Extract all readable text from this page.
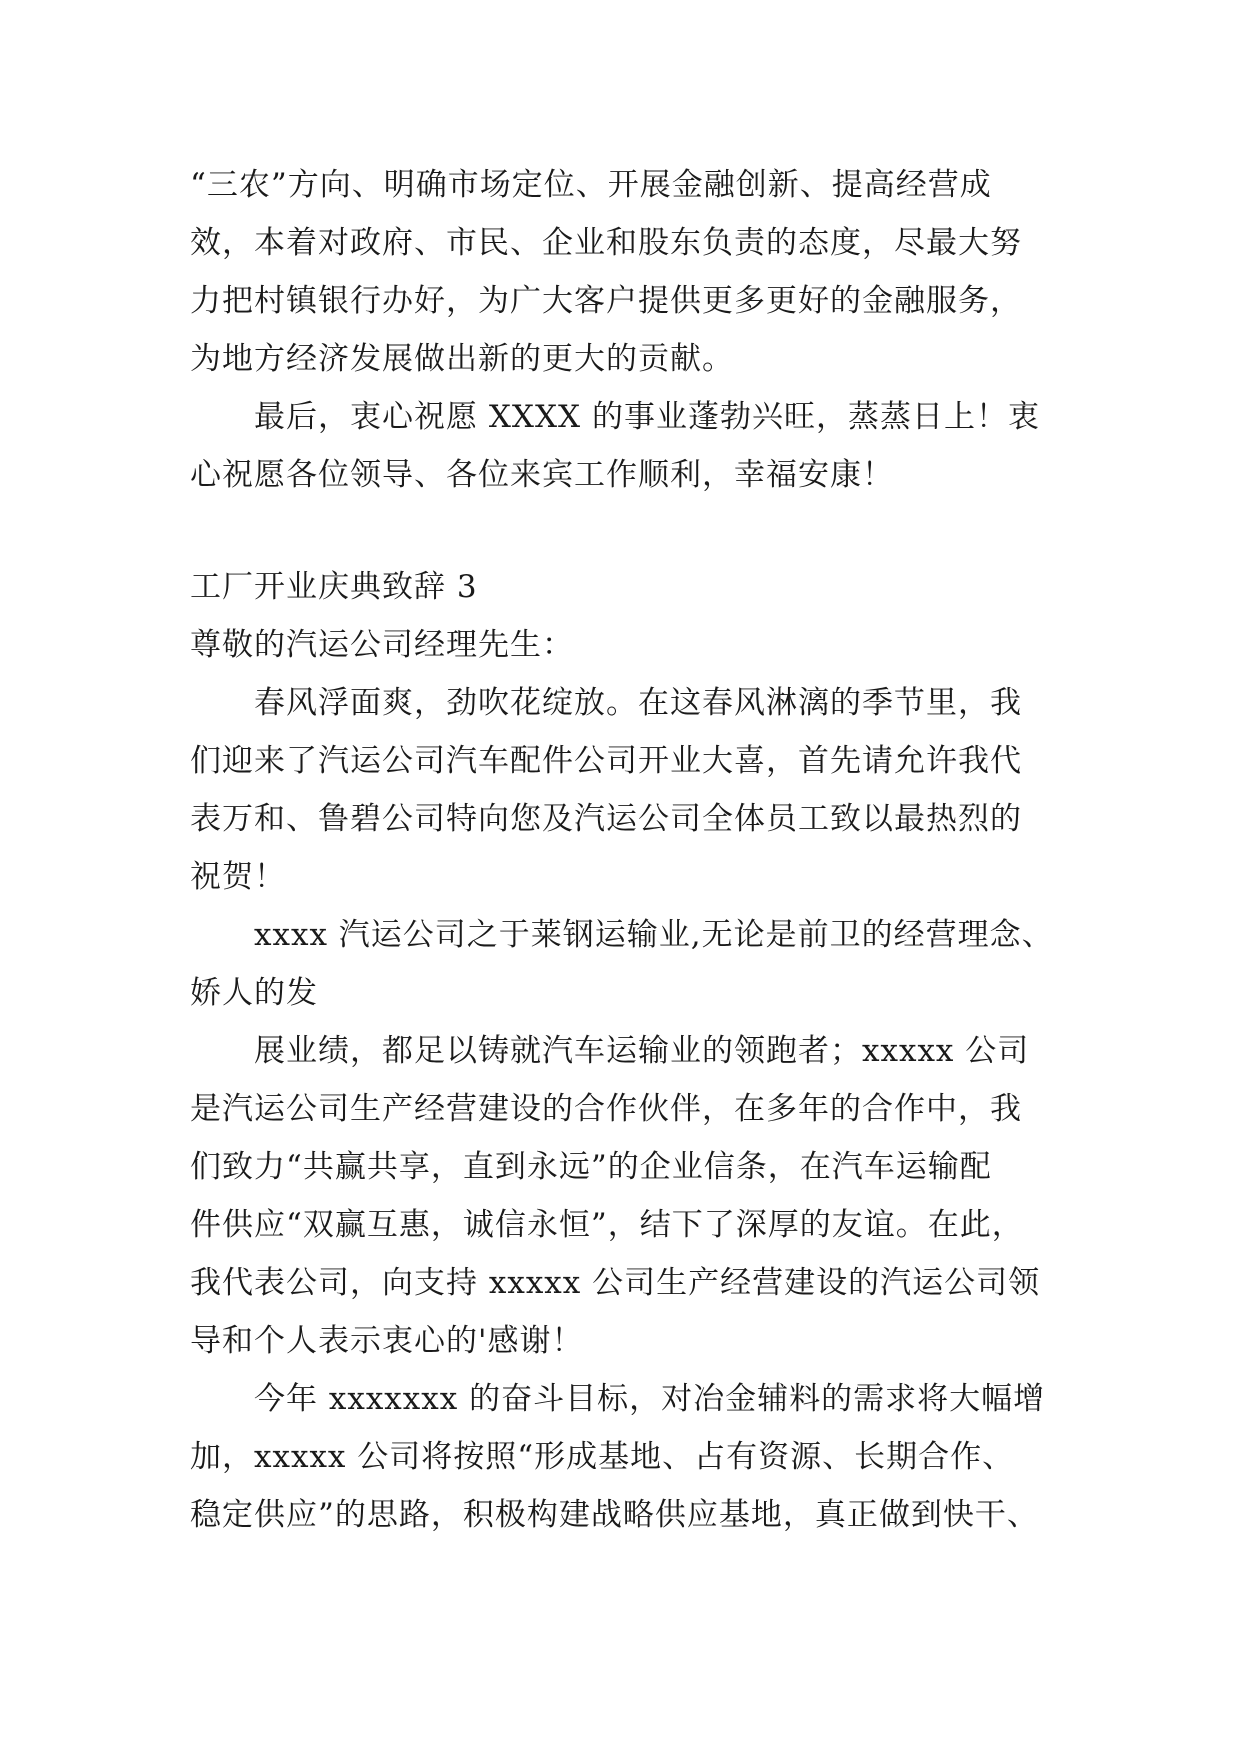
“三农”方向、明确市场定位、开展金融创新、提高经营成
效，本着对政府、市民、企业和股东负责的态度，尽最大努
力把村镇银行办好，为广大客户提供更多更好的金融服务，
为地方经济发展做出新的更大的贡献。
最后，衷心祝愿 XXXX 的事业蓬勃兴旺，蒸蒸日上！衷
心祝愿各位领导、各位来宾工作顺利，幸福安康！
工厂开业庆典致辞 3
尊敬的汽运公司经理先生：
春风浮面爽，劲吹花绽放。在这春风淋漓的季节里，我
们迎来了汽运公司汽车配件公司开业大喜，首先请允许我代
表万和、鲁碧公司特向您及汽运公司全体员工致以最热烈的
祝贺！
xxxx 汽运公司之于莱钢运输业,无论是前卫的经营理念、
娇人的发
展业绩，都足以铸就汽车运输业的领跑者；xxxxx 公司
是汽运公司生产经营建设的合作伙伴，在多年的合作中，我
们致力“共赢共享，直到永远”的企业信条，在汽车运输配
件供应“双赢互惠，诚信永恒”，结下了深厚的友谊。在此，
我代表公司，向支持 xxxxx 公司生产经营建设的汽运公司领
导和个人表示衷心的'感谢！
今年 xxxxxxx 的奋斗目标，对冶金辅料的需求将大幅增
加，xxxxx 公司将按照“形成基地、占有资源、长期合作、
稳定供应”的思路，积极构建战略供应基地，真正做到快干、
